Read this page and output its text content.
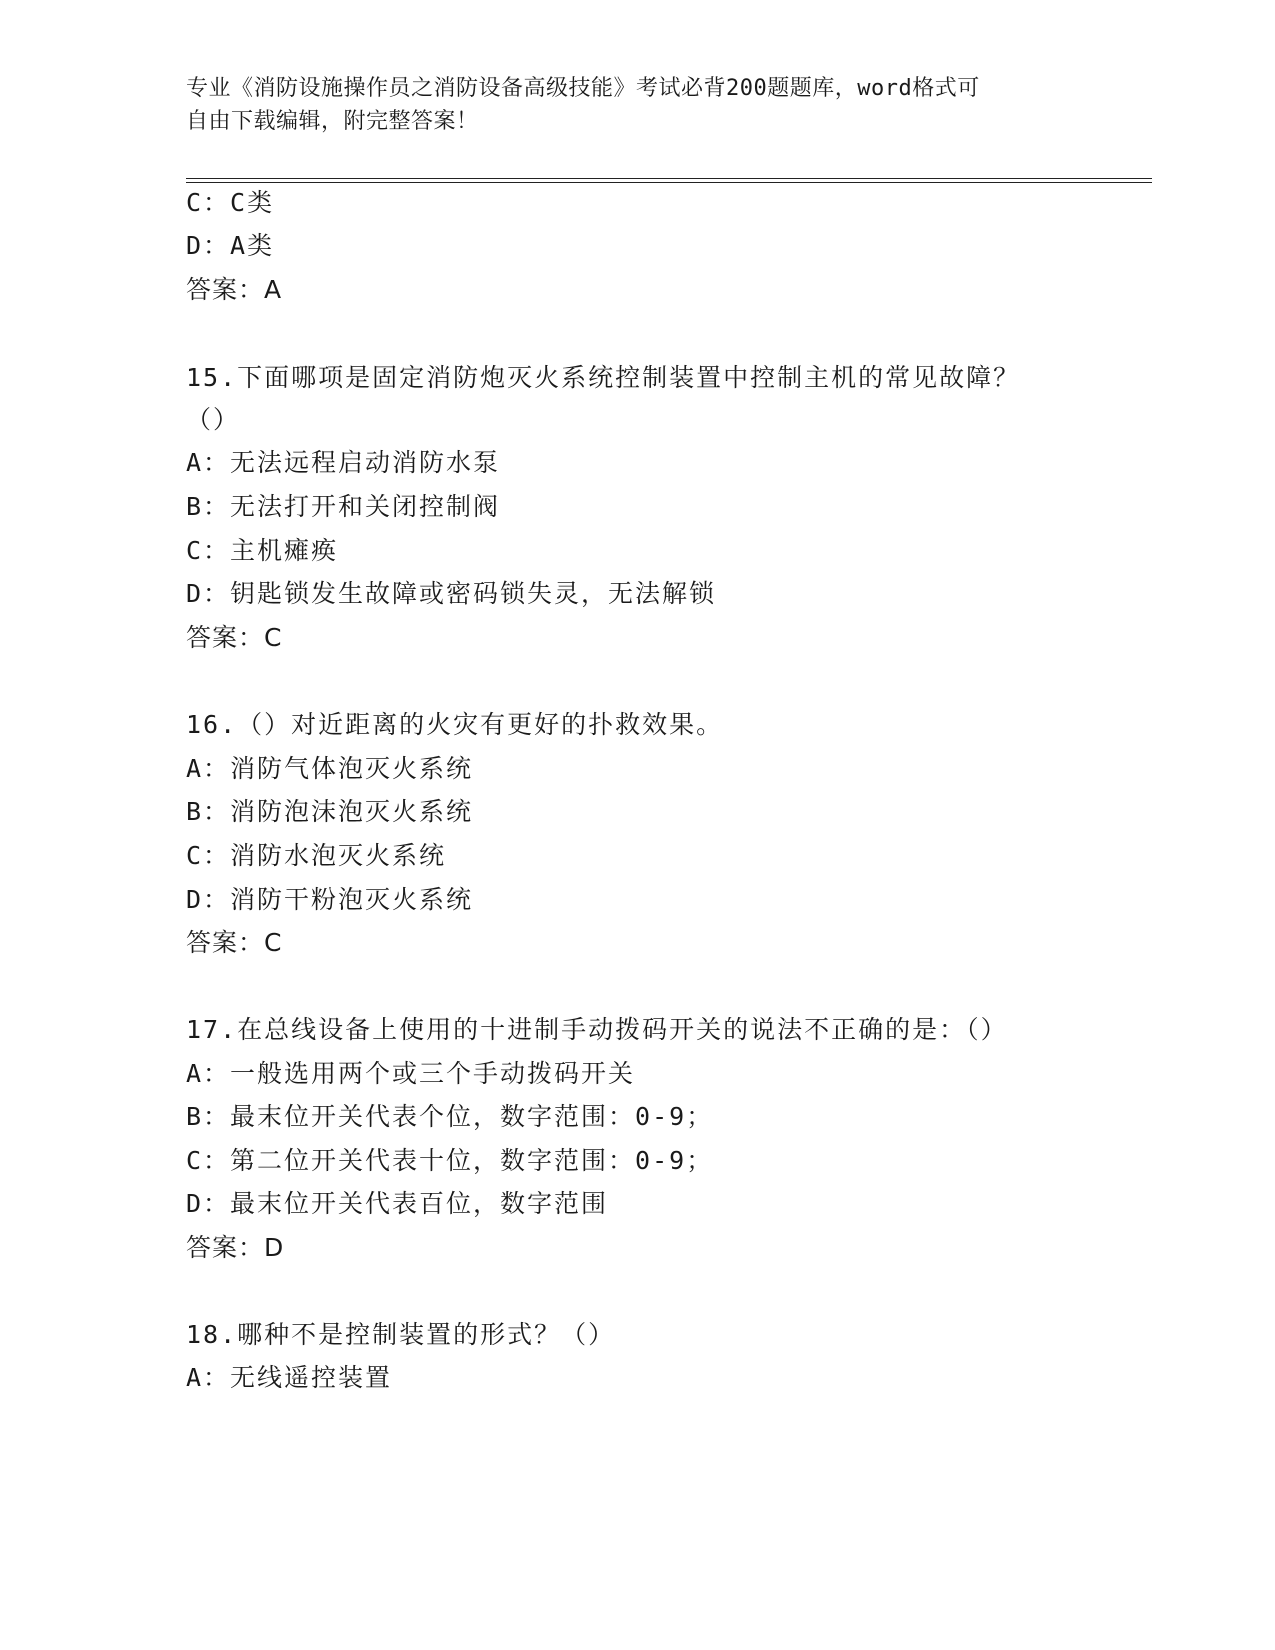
专业《消防设施操作员之消防设备高级技能》考试必背200题题库，word格式可
自由下载编辑，附完整答案！
C：C类
D：A类
答案：A
15.下面哪项是固定消防炮灭火系统控制装置中控制主机的常见故障？
（）
A：无法远程启动消防水泵
B：无法打开和关闭控制阀
C：主机瘫痪
D：钥匙锁发生故障或密码锁失灵，无法解锁
答案：C
16.（）对近距离的火灾有更好的扑救效果。
A：消防气体泡灭火系统
B：消防泡沫泡灭火系统
C：消防水泡灭火系统
D：消防干粉泡灭火系统
答案：C
17.在总线设备上使用的十进制手动拨码开关的说法不正确的是：（）
A：一般选用两个或三个手动拨码开关
B：最末位开关代表个位，数字范围：0-9；
C：第二位开关代表十位，数字范围：0-9；
D：最末位开关代表百位，数字范围
答案：D
18.哪种不是控制装置的形式？（）
A：无线遥控装置
